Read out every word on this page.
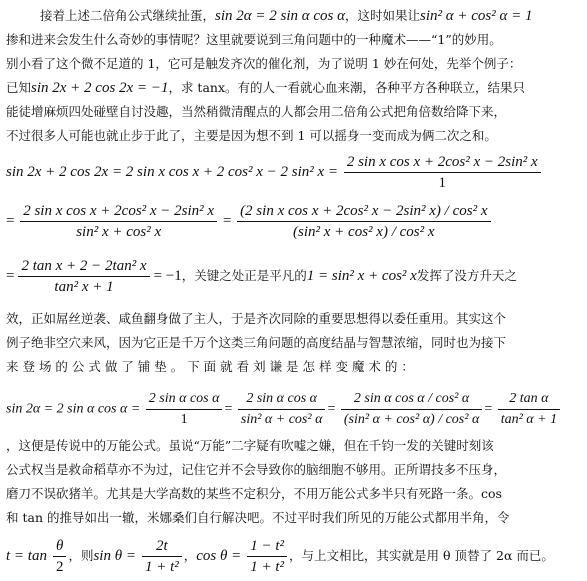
接着上述二倍角公式继续扯蛋，sin 2α = 2 sin α cos α，这时如果让sin² α + cos² α = 1
掺和进来会发生什么奇妙的事情呢？这里就要说到三角问题中的一种魔术——“1”的妙用。
别小看了这个微不足道的 1，它可是触发齐次的催化剂，为了说明 1 妙在何处，先举个例子：
已知sin 2x + 2 cos 2x = −1，求 tanx。有的人一看就心血来潮，各种平方各种联立，结果只
能徒增麻烦四处碰壁自讨没趣，当然稍微清醒点的人都会用二倍角公式把角倍数给降下来，
不过很多人可能也就止步于此了，主要是因为想不到 1 可以摇身一变而成为俩二次之和。

sin 2x + 2 cos 2x = 2 sin x cos x + 2 cos² x − 2 sin² $x = \frac{\text{2 sin x cos x + 2cos² x − 2sin² x}}{1}$
= $\frac{\text{2 sin x cos x + 2cos² x − 2sin² x}}{\text{sin² x + cos² x}} = \frac{\text{(2 sin x cos x + 2cos² x − 2sin² x) / cos² x}}{\text{(sin² x + cos² x) / cos² x}}$
= $\frac{\text{2 tan x + 2 − 2tan² x}}{\text{tan² x + 1}} = -1$，关键之处正是平凡的1 = sin² x + cos² x发挥了没方升天之

效，正如屌丝逆袭、咸鱼翻身做了主人，于是齐次同除的重要思想得以委任重用。其实这个
例子绝非空穴来风，因为它正是千万个这类三角问题的高度结晶与智慧浓缩，同时也为接下
来 登 场 的 公 式 做 了 铺 垫 。 下 面 就 看 刘 谦 是 怎 样 变 魔 术 的 ：

sin 2α = 2 sin α $\cos \alpha = \frac{\text{2 sin α cos α}}{1} = \frac{\text{2 sin α cos α}}{\text{sin² α + cos² α}} = \frac{\text{2 sin α cos α / cos² α}}{\text{(sin² α + cos² α) / cos² α}} = \frac{\text{2 tan α}}{\text{tan² α + 1}}$

，这便是传说中的万能公式。虽说“万能”二字疑有吹嘘之嫌，但在千钧一发的关键时刻该
公式权当是救命稻草亦不为过，记住它并不会导致你的脑细胞不够用。正所谓技多不压身，
磨刀不误砍猪羊。尤其是大学高数的某些不定积分，不用万能公式多半只有死路一条。cos
和 tan 的推导如出一辙，米娜桑们自行解决吧。不过平时我们所见的万能公式都用半角，令

$t = \tan \frac{\theta}{2}$ ，则$\sin \theta = \frac{2t}{\text{1 + t²}}$ ，$\cos \theta = \frac{\text{1 − t²}}{\text{1 + t²}}$ ，与上文相比，其实就是用 θ 顶替了 2α 而已。
